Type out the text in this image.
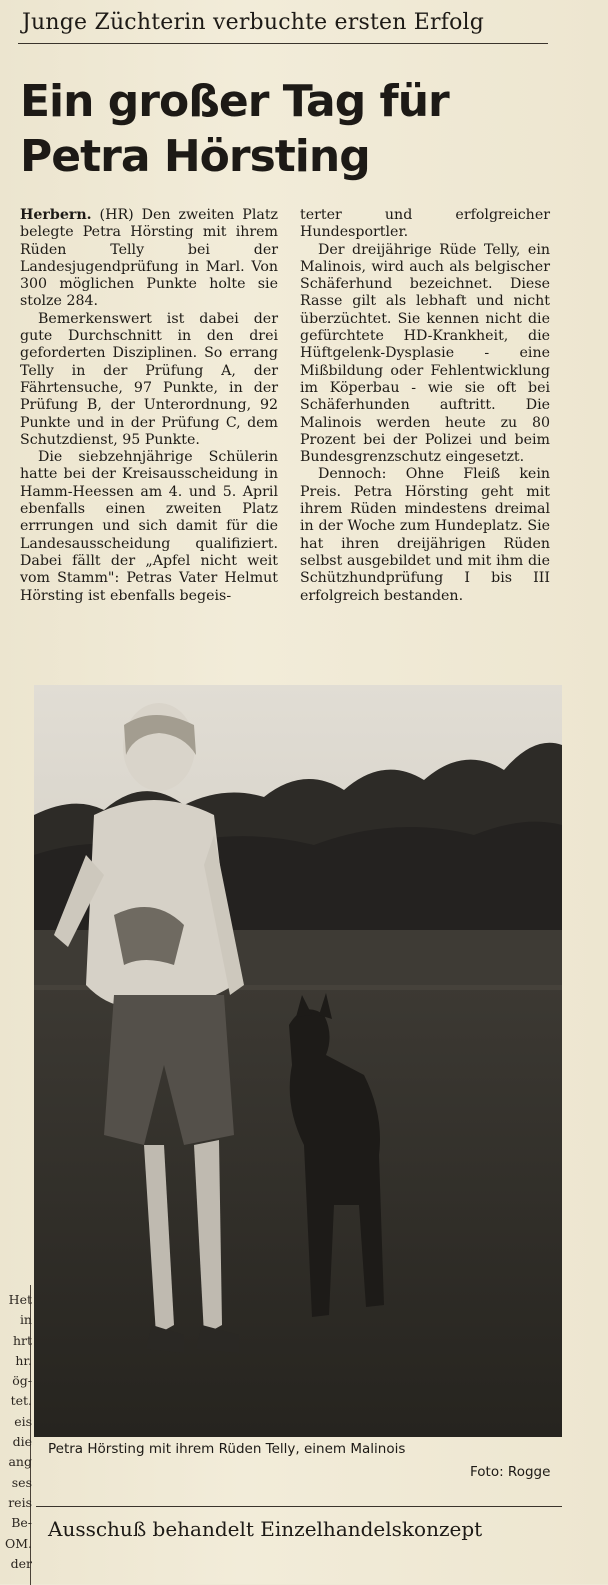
Junge Züchterin verbuchte ersten Erfolg
Ein großer Tag für
Petra Hörsting

Herbern. (HR) Den zweiten Platz belegte Petra Hörsting mit ihrem Rüden Telly bei der Landesjugendprüfung in Marl. Von 300 möglichen Punkte holte sie stolze 284.

Bemerkenswert ist dabei der gute Durchschnitt in den drei geforderten Disziplinen. So errang Telly in der Prüfung A, der Fährtensuche, 97 Punkte, in der Prüfung B, der Unterordnung, 92 Punkte und in der Prüfung C, dem Schutzdienst, 95 Punkte.

Die siebzehnjährige Schülerin hatte bei der Kreisausscheidung in Hamm-Heessen am 4. und 5. April ebenfalls einen zweiten Platz errrungen und sich damit für die Landesausscheidung qualifiziert. Dabei fällt der „Apfel nicht weit vom Stamm": Petras Vater Helmut Hörsting ist ebenfalls begeis-

terter und erfolgreicher Hundesportler.

Der dreijährige Rüde Telly, ein Malinois, wird auch als belgischer Schäferhund bezeichnet. Diese Rasse gilt als lebhaft und nicht überzüchtet. Sie kennen nicht die gefürchtete HD-Krankheit, die Hüftgelenk-Dysplasie - eine Mißbildung oder Fehlentwicklung im Köperbau - wie sie oft bei Schäferhunden auftritt. Die Malinois werden heute zu 80 Prozent bei der Polizei und beim Bundesgrenzschutz eingesetzt.

Dennoch: Ohne Fleiß kein Preis. Petra Hörsting geht mit ihrem Rüden mindestens dreimal in der Woche zum Hundeplatz. Sie hat ihren dreijährigen Rüden selbst ausgebildet und mit ihm die Schützhundprüfung I bis III erfolgreich bestanden.

Petra Hörsting mit ihrem Rüden Telly, einem Malinois
Foto: Rogge
Ausschuß behandelt Einzelhandelskonzept
Het
in
hrt
hr.
ög-
tet.
eis
die
ang
ses
reis
Be-
OM.
der
